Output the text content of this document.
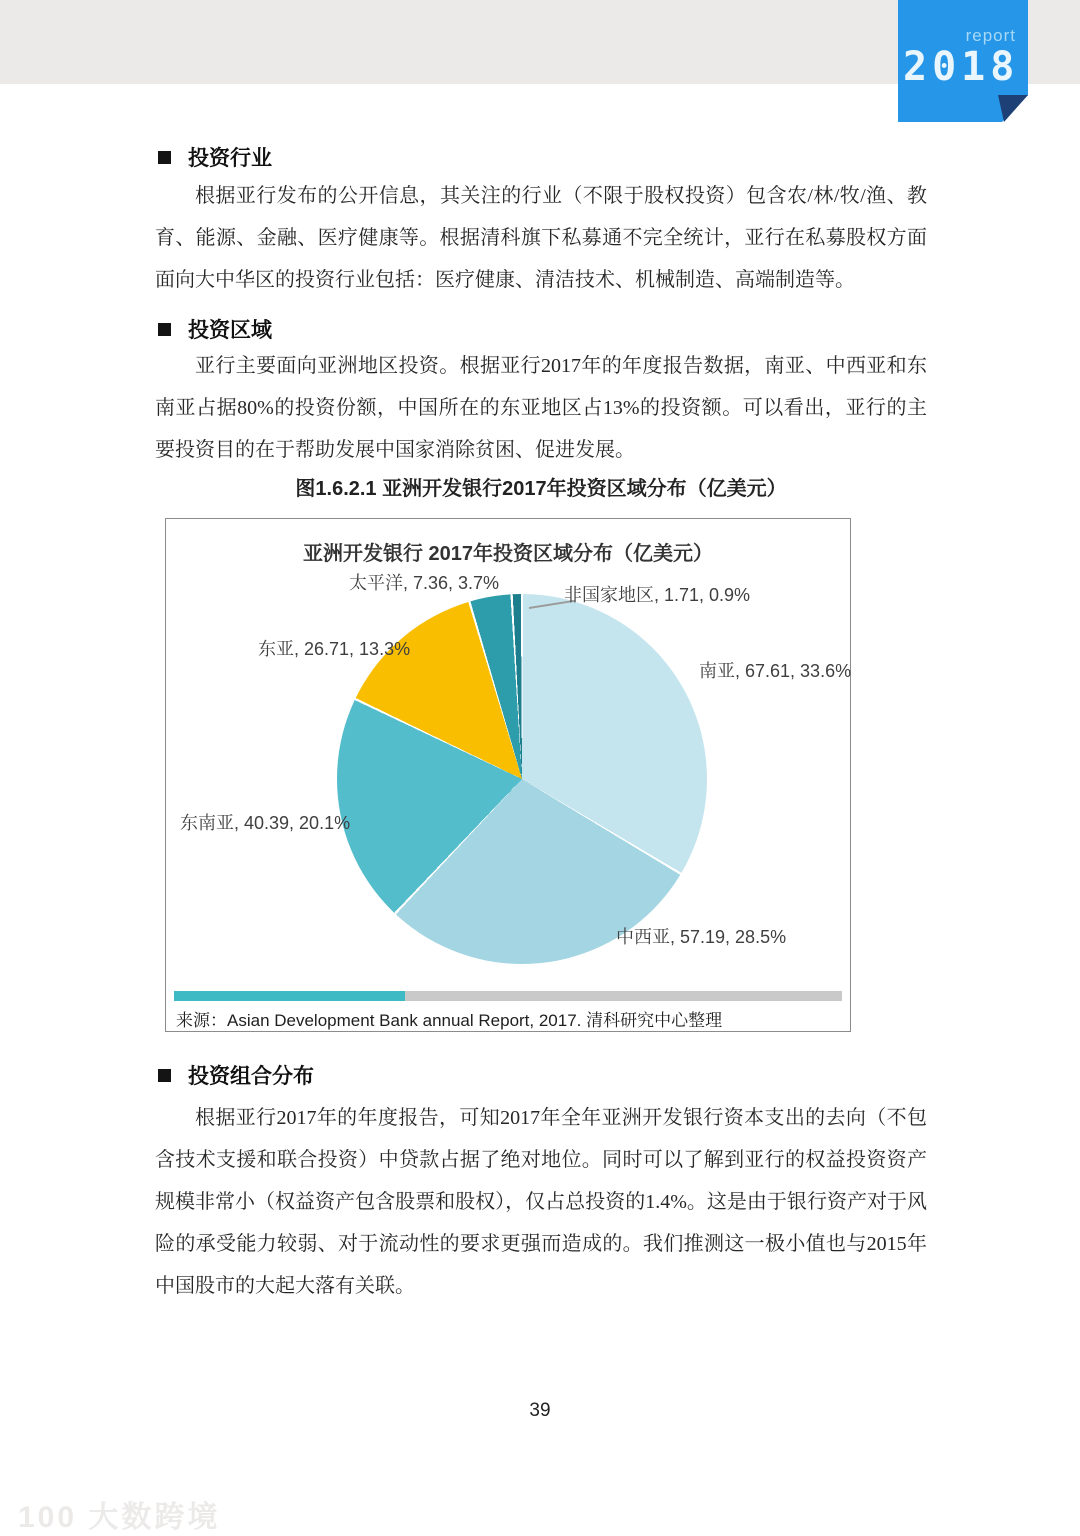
report
2018
投资行业

根据亚行发布的公开信息，其关注的行业（不限于股权投资）包含农/林/牧/渔、教育、能源、金融、医疗健康等。根据清科旗下私募通不完全统计，亚行在私募股权方面面向大中华区的投资行业包括：医疗健康、清洁技术、机械制造、高端制造等。

投资区域

亚行主要面向亚洲地区投资。根据亚行2017年的年度报告数据，南亚、中西亚和东南亚占据80%的投资份额，中国所在的东亚地区占13%的投资额。可以看出，亚行的主要投资目的在于帮助发展中国家消除贫困、促进发展。

图1.6.2.1 亚洲开发银行2017年投资区域分布（亿美元）
亚洲开发银行 2017年投资区域分布（亿美元）
南亚, 67.61, 33.6%
中西亚, 57.19, 28.5%
东南亚, 40.39, 20.1%
东亚, 26.71, 13.3%
太平洋, 7.36, 3.7%
非国家地区, 1.71, 0.9%
来源：Asian Development Bank annual Report, 2017. 清科研究中心整理
投资组合分布

根据亚行2017年的年度报告，可知2017年全年亚洲开发银行资本支出的去向（不包含技术支援和联合投资）中贷款占据了绝对地位。同时可以了解到亚行的权益投资资产规模非常小（权益资产包含股票和股权），仅占总投资的1.4%。这是由于银行资产对于风险的承受能力较弱、对于流动性的要求更强而造成的。我们推测这一极小值也与2015年中国股市的大起大落有关联。

39
100 大数跨境
